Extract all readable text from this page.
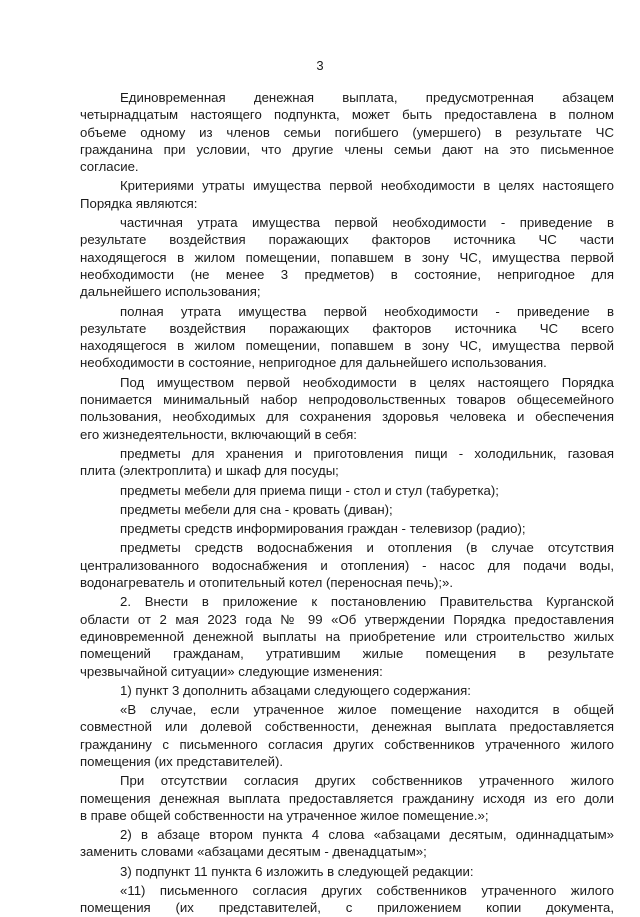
3
Единовременная денежная выплата, предусмотренная абзацем
четырнадцатым настоящего подпункта, может быть предоставлена в полном
объеме одному из членов семьи погибшего (умершего) в результате ЧС
гражданина при условии, что другие члены семьи дают на это письменное
согласие.
Критериями утраты имущества первой необходимости в целях настоящего
Порядка являются:
частичная утрата имущества первой необходимости - приведение в
результате воздействия поражающих факторов источника ЧС части
находящегося в жилом помещении, попавшем в зону ЧС, имущества первой
необходимости (не менее 3 предметов) в состояние, непригодное для
дальнейшего использования;
полная утрата имущества первой необходимости - приведение в
результате воздействия поражающих факторов источника ЧС всего
находящегося в жилом помещении, попавшем в зону ЧС, имущества первой
необходимости в состояние, непригодное для дальнейшего использования.
Под имуществом первой необходимости в целях настоящего Порядка
понимается минимальный набор непродовольственных товаров общесемейного
пользования, необходимых для сохранения здоровья человека и обеспечения
его жизнедеятельности, включающий в себя:
предметы для хранения и приготовления пищи - холодильник, газовая
плита (электроплита) и шкаф для посуды;
предметы мебели для приема пищи - стол и стул (табуретка);
предметы мебели для сна - кровать (диван);
предметы средств информирования граждан - телевизор (радио);
предметы средств водоснабжения и отопления (в случае отсутствия
централизованного водоснабжения и отопления) - насос для подачи воды,
водонагреватель и отопительный котел (переносная печь);».
2. Внести в приложение к постановлению Правительства Курганской
области от 2 мая 2023 года № 99 «Об утверждении Порядка предоставления
единовременной денежной выплаты на приобретение или строительство жилых
помещений гражданам, утратившим жилые помещения в результате
чрезвычайной ситуации» следующие изменения:
1) пункт 3 дополнить абзацами следующего содержания:
«В случае, если утраченное жилое помещение находится в общей
совместной или долевой собственности, денежная выплата предоставляется
гражданину с письменного согласия других собственников утраченного жилого
помещения (их представителей).
При отсутствии согласия других собственников утраченного жилого
помещения денежная выплата предоставляется гражданину исходя из его доли
в праве общей собственности на утраченное жилое помещение.»;
2) в абзаце втором пункта 4 слова «абзацами десятым, одиннадцатым»
заменить словами «абзацами десятым - двенадцатым»;
3) подпункт 11 пункта 6 изложить в следующей редакции:
«11) письменного согласия других собственников утраченного жилого
помещения (их представителей, с приложением копии документа,
